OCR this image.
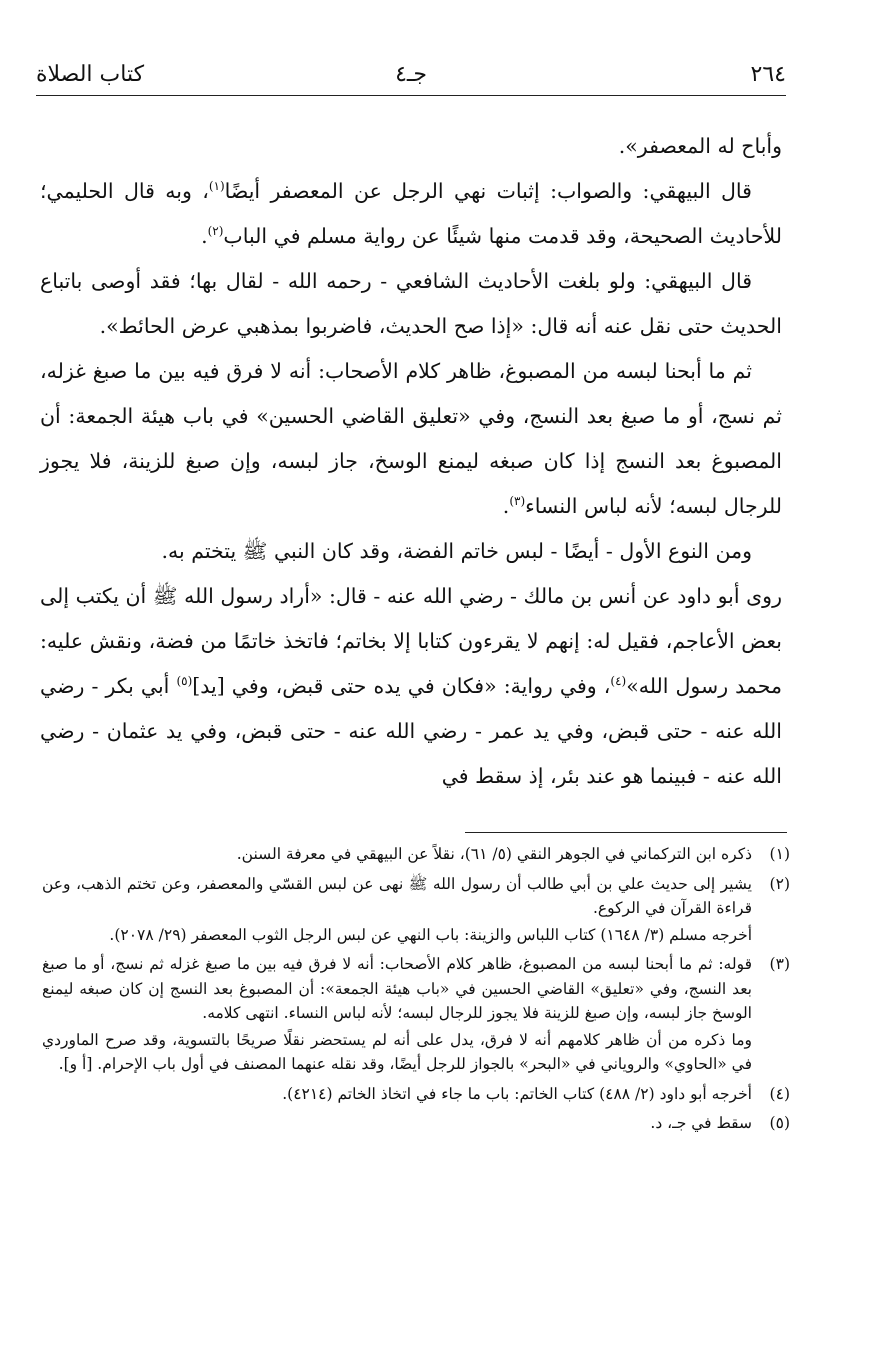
٢٦٤
جـ٤
كتاب الصلاة

وأباح له المعصفر».

قال البيهقي: والصواب: إثبات نهي الرجل عن المعصفر أيضًا$^{(١)}$، وبه قال الحليمي؛ للأحاديث الصحيحة، وقد قدمت منها شيئًا عن رواية مسلم في الباب$^{(٢)}$.

قال البيهقي: ولو بلغت الأحاديث الشافعي - رحمه الله - لقال بها؛ فقد أوصى باتباع الحديث حتى نقل عنه أنه قال: «إذا صح الحديث، فاضربوا بمذهبي عرض الحائط».

ثم ما أبحنا لبسه من المصبوغ، ظاهر كلام الأصحاب: أنه لا فرق فيه بين ما صبغ غزله، ثم نسج، أو ما صبغ بعد النسج، وفي «تعليق القاضي الحسين» في باب هيئة الجمعة: أن المصبوغ بعد النسج إذا كان صبغه ليمنع الوسخ، جاز لبسه، وإن صبغ للزينة، فلا يجوز للرجال لبسه؛ لأنه لباس النساء$^{(٣)}$.

ومن النوع الأول - أيضًا - لبس خاتم الفضة، وقد كان النبي ﷺ يتختم به.

روى أبو داود عن أنس بن مالك - رضي الله عنه - قال: «أراد رسول الله ﷺ أن يكتب إلى بعض الأعاجم، فقيل له: إنهم لا يقرءون كتابا إلا بخاتم؛ فاتخذ خاتمًا من فضة، ونقش عليه: محمد رسول الله»$^{(٤)}$، وفي رواية: «فكان في يده حتى قبض، وفي [يد]$^{(٥)}$ أبي بكر - رضي الله عنه - حتى قبض، وفي يد عمر - رضي الله عنه - حتى قبض، وفي يد عثمان - رضي الله عنه - فبينما هو عند بئر، إذ سقط في

(١)
ذكره ابن التركماني في الجوهر النقي (٥/ ٦١)، نقلاً عن البيهقي في معرفة السنن.
(٢)
يشير إلى حديث علي بن أبي طالب أن رسول الله ﷺ نهى عن لبس القسّي والمعصفر، وعن تختم الذهب، وعن قراءة القرآن في الركوع.
أخرجه مسلم (٣/ ١٦٤٨) كتاب اللباس والزينة: باب النهي عن لبس الرجل الثوب المعصفر (٢٩/ ٢٠٧٨).
(٣)
قوله: ثم ما أبحنا لبسه من المصبوغ، ظاهر كلام الأصحاب: أنه لا فرق فيه بين ما صبغ غزله ثم نسج، أو ما صبغ بعد النسج، وفي «تعليق» القاضي الحسين في «باب هيئة الجمعة»: أن المصبوغ بعد النسج إن كان صبغه ليمنع الوسخ جاز لبسه، وإن صبغ للزينة فلا يجوز للرجال لبسه؛ لأنه لباس النساء. انتهى كلامه.
وما ذكره من أن ظاهر كلامهم أنه لا فرق، يدل على أنه لم يستحضر نقلًا صريحًا بالتسوية، وقد صرح الماوردي في «الحاوي» والروياني في «البحر» بالجواز للرجل أيضًا، وقد نقله عنهما المصنف في أول باب الإحرام. [أ و].
(٤)
أخرجه أبو داود (٢/ ٤٨٨) كتاب الخاتم: باب ما جاء في اتخاذ الخاتم (٤٢١٤).
(٥)
سقط في جـ، د.
